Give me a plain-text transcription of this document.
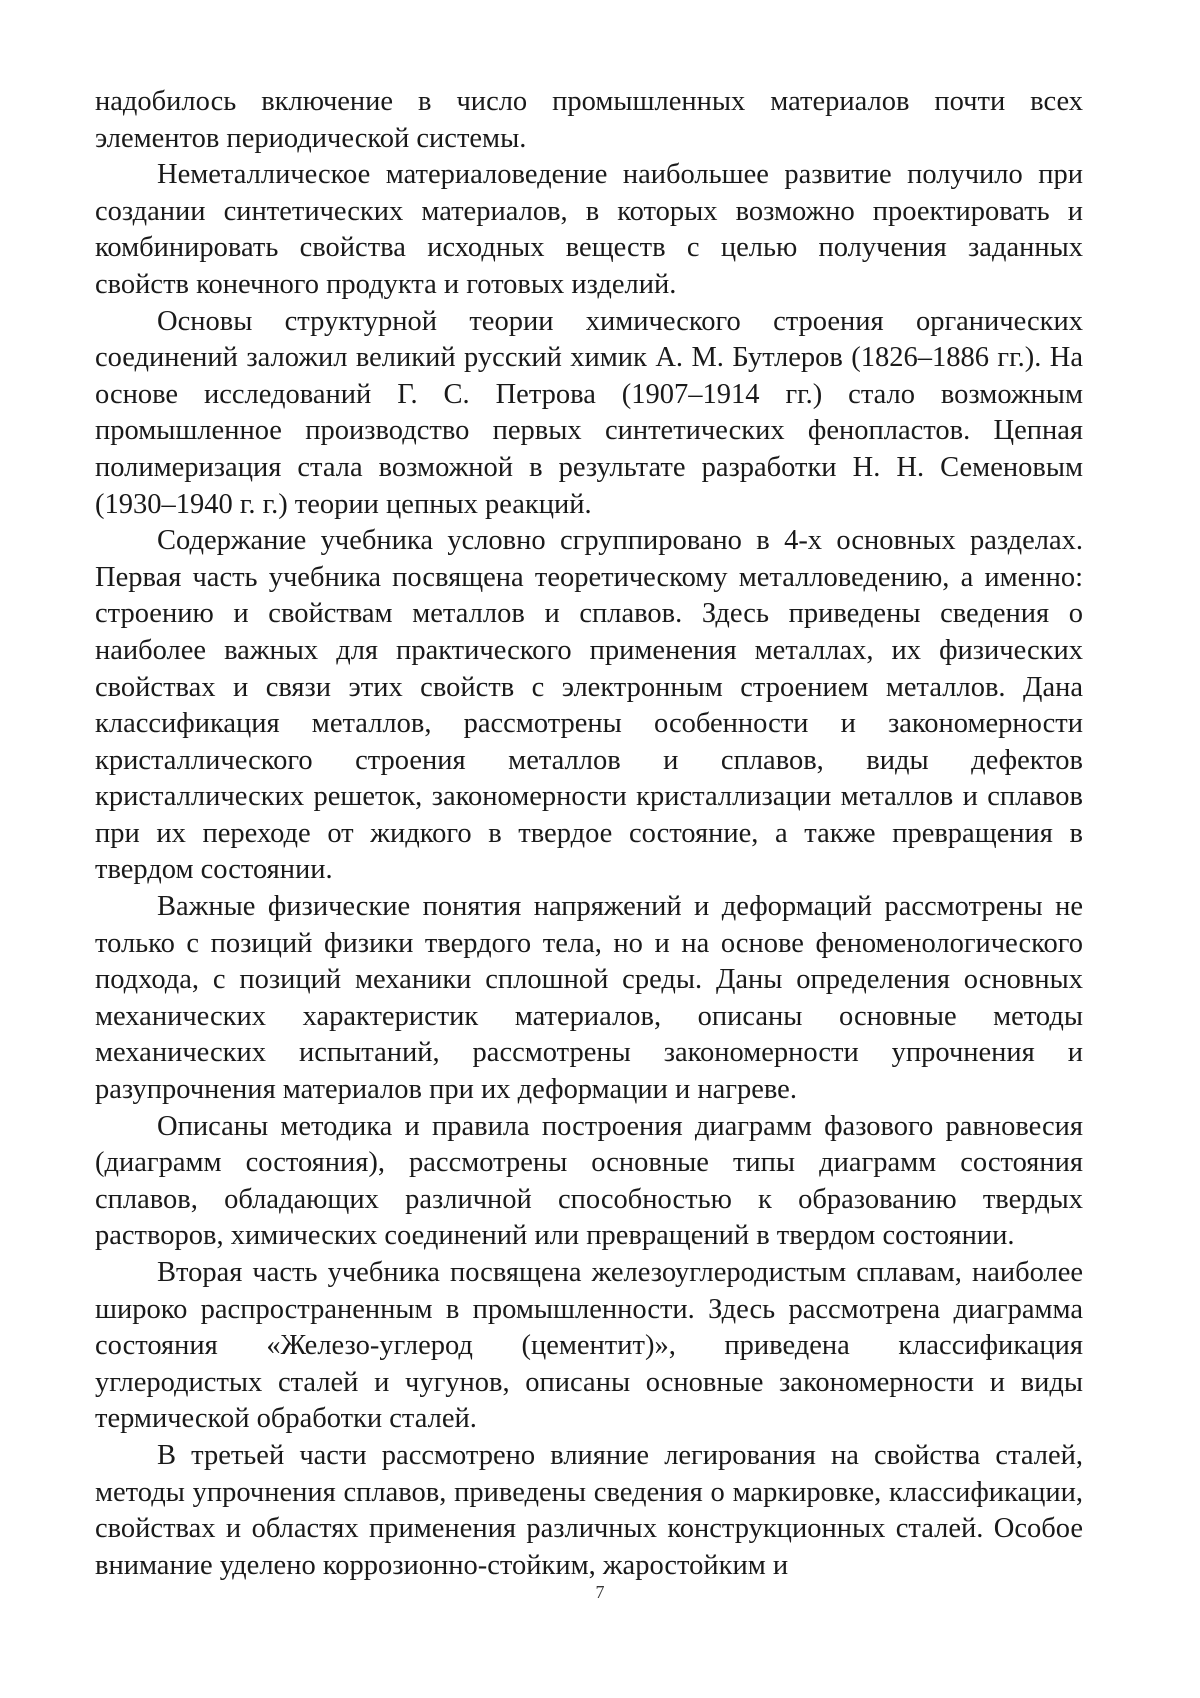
надобилось включение в число промышленных материалов почти всех элементов периодической системы.

Неметаллическое материаловедение наибольшее развитие получило при создании синтетических материалов, в которых возможно проектировать и комбинировать свойства исходных веществ с целью получения заданных свойств конечного продукта и готовых изделий.

Основы структурной теории химического строения органических соединений заложил великий русский химик А. М. Бутлеров (1826–1886 гг.). На основе исследований Г. С. Петрова (1907–1914 гг.) стало возможным промышленное производство первых синтетических фенопластов. Цепная полимеризация стала возможной в результате разработки Н. Н. Семеновым (1930–1940 г. г.) теории цепных реакций.

Содержание учебника условно сгруппировано в 4-х основных разделах. Первая часть учебника посвящена теоретическому металловедению, а именно: строению и свойствам металлов и сплавов. Здесь приведены сведения о наиболее важных для практического применения металлах, их физических свойствах и связи этих свойств с электронным строением металлов. Дана классификация металлов, рассмотрены особенности и закономерности кристаллического строения металлов и сплавов, виды дефектов кристаллических решеток, закономерности кристаллизации металлов и сплавов при их переходе от жидкого в твердое состояние, а также превращения в твердом состоянии.

Важные физические понятия напряжений и деформаций рассмотрены не только с позиций физики твердого тела, но и на основе феноменологического подхода, с позиций механики сплошной среды. Даны определения основных механических характеристик материалов, описаны основные методы механических испытаний, рассмотрены закономерности упрочнения и разупрочнения материалов при их деформации и нагреве.

Описаны методика и правила построения диаграмм фазового равновесия (диаграмм состояния), рассмотрены основные типы диаграмм состояния сплавов, обладающих различной способностью к образованию твердых растворов, химических соединений или превращений в твердом состоянии.

Вторая часть учебника посвящена железоуглеродистым сплавам, наиболее широко распространенным в промышленности. Здесь рассмотрена диаграмма состояния «Железо-углерод (цементит)», приведена классификация углеродистых сталей и чугунов, описаны основные закономерности и виды термической обработки сталей.

В третьей части рассмотрено влияние легирования на свойства сталей, методы упрочнения сплавов, приведены сведения о маркировке, классификации, свойствах и областях применения различных конструкционных сталей. Особое внимание уделено коррозионно-стойким, жаростойким и

7
